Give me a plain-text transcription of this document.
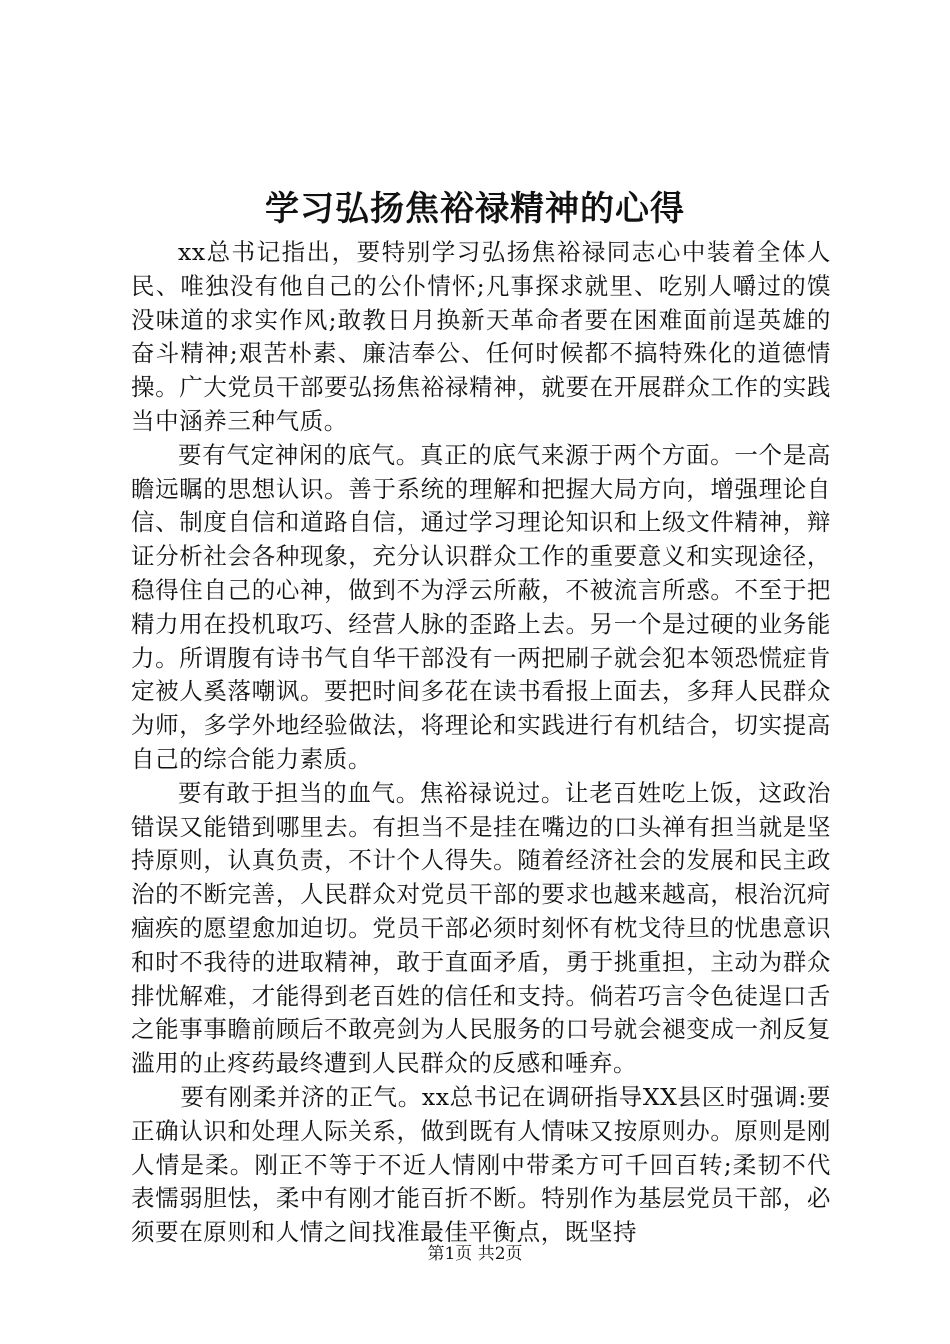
学习弘扬焦裕禄精神的心得

xx总书记指出，要特别学习弘扬焦裕禄同志心中装着全体人民、唯独没有他自己的公仆情怀;凡事探求就里、吃别人嚼过的馍没味道的求实作风;敢教日月换新天革命者要在困难面前逞英雄的奋斗精神;艰苦朴素、廉洁奉公、任何时候都不搞特殊化的道德情操。广大党员干部要弘扬焦裕禄精神，就要在开展群众工作的实践当中涵养三种气质。

要有气定神闲的底气。真正的底气来源于两个方面。一个是高瞻远瞩的思想认识。善于系统的理解和把握大局方向，增强理论自信、制度自信和道路自信，通过学习理论知识和上级文件精神，辩证分析社会各种现象，充分认识群众工作的重要意义和实现途径，稳得住自己的心神，做到不为浮云所蔽，不被流言所惑。不至于把精力用在投机取巧、经营人脉的歪路上去。另一个是过硬的业务能力。所谓腹有诗书气自华干部没有一两把刷子就会犯本领恐慌症肯定被人奚落嘲讽。要把时间多花在读书看报上面去，多拜人民群众为师，多学外地经验做法，将理论和实践进行有机结合，切实提高自己的综合能力素质。

要有敢于担当的血气。焦裕禄说过。让老百姓吃上饭，这政治错误又能错到哪里去。有担当不是挂在嘴边的口头禅有担当就是坚持原则，认真负责，不计个人得失。随着经济社会的发展和民主政治的不断完善，人民群众对党员干部的要求也越来越高，根治沉疴痼疾的愿望愈加迫切。党员干部必须时刻怀有枕戈待旦的忧患意识和时不我待的进取精神，敢于直面矛盾，勇于挑重担，主动为群众排忧解难，才能得到老百姓的信任和支持。倘若巧言令色徒逞口舌之能事事瞻前顾后不敢亮剑为人民服务的口号就会褪变成一剂反复滥用的止疼药最终遭到人民群众的反感和唾弃。

要有刚柔并济的正气。xx总书记在调研指导XX县区时强调:要正确认识和处理人际关系，做到既有人情味又按原则办。原则是刚人情是柔。刚正不等于不近人情刚中带柔方可千回百转;柔韧不代表懦弱胆怯，柔中有刚才能百折不断。特别作为基层党员干部，必须要在原则和人情之间找准最佳平衡点，既坚持

第1页 共2页
